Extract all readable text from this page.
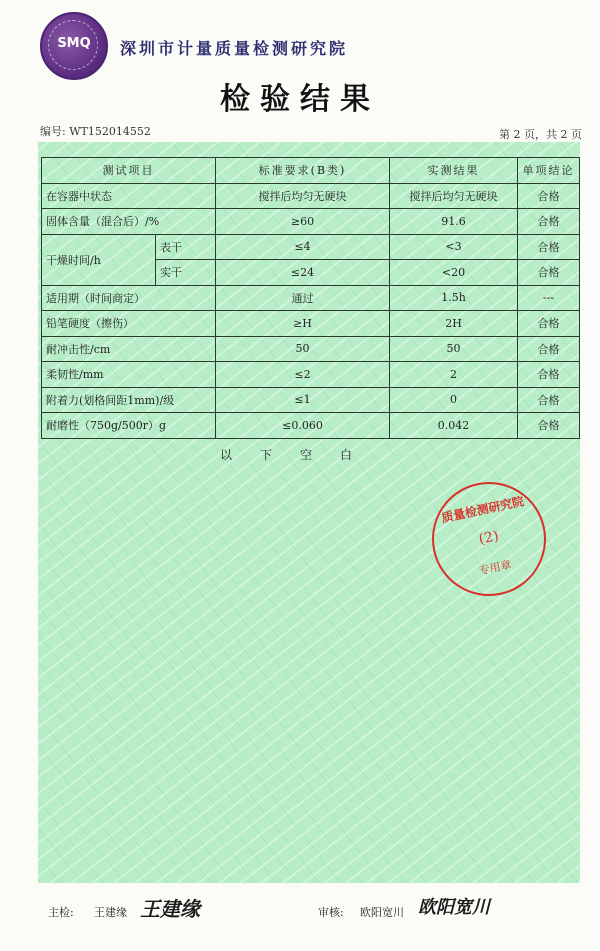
SMQ	深圳市计量质量检测研究院
检验结果
编号: WT152014552	第 2 页，共 2 页
测试项目		标准要求(B类)	实测结果	单项结论
在容器中状态		搅拌后均匀无硬块	搅拌后均匀无硬块	合格
固体含量（混合后）/%		≥60	91.6	合格
干燥时间/h	表干	≤4	<3	合格
	实干	≤24	<20	合格
适用期（时间商定）		通过	1.5h	---
铅笔硬度（擦伤）		≥H	2H	合格
耐冲击性/cm		50	50	合格
柔韧性/mm		≤2	2	合格
附着力(划格间距1mm)/级		≤1	0	合格
耐磨性（750g/500r）g		≤0.060	0.042	合格
以下空白
质量检测研究院
(2)
专用章
主检: 王建缘 王建缘	审核: 欧阳宽川 欧阳宽川
